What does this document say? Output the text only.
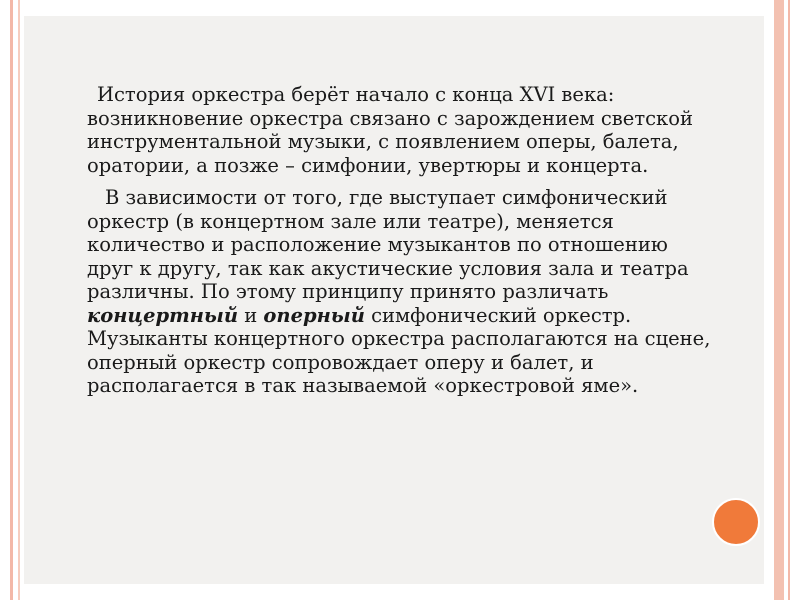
История оркестра берёт начало с конца XVI века: возникновение оркестра связано с зарождением светской инструментальной музыки, с появлением оперы, балета, оратории, а позже – симфонии, увертюры и концерта.

В зависимости от того, где выступает симфонический оркестр (в концертном зале или театре), меняется количество и расположение музыкантов по отношению друг к другу, так как акустические условия зала и театра различны. По этому принципу принято различать концертный и оперный симфонический оркестр. Музыканты концертного оркестра располагаются на сцене, оперный оркестр сопровождает оперу и балет, и располагается в так называемой «оркестровой яме».
